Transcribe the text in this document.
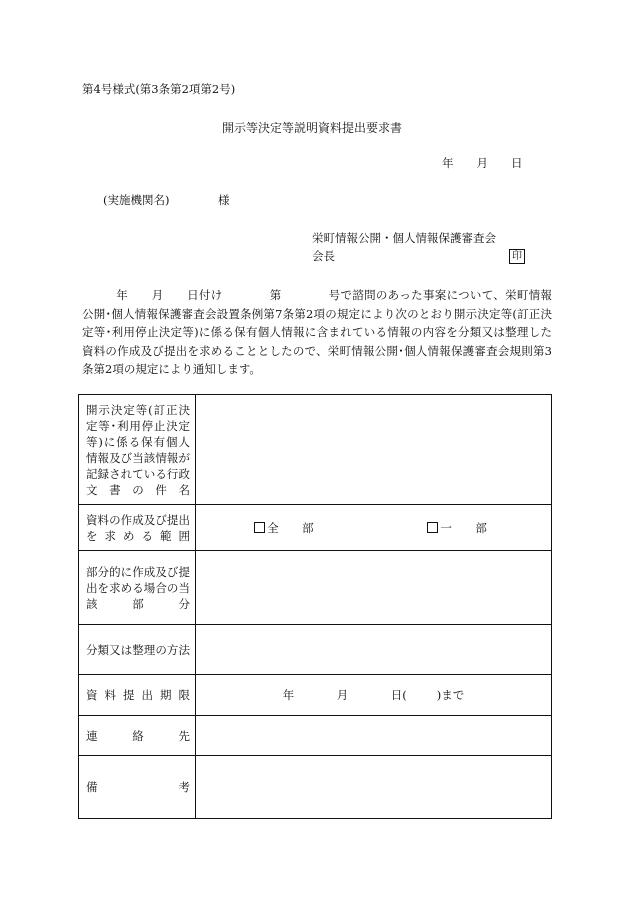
第4号様式(第3条第2項第2号)
開示等決定等説明資料提出要求書
年　　月　　日
(実施機関名)	様
栄町情報公開・個人情報保護審査会
会長	印
年　　月　　日付け　　　　第　　　　号で諮問のあった事案について、栄町情報公開･個人情報保護審査会設置条例第7条第2項の規定により次のとおり開示決定等(訂正決定等･利用停止決定等)に係る保有個人情報に含まれている情報の内容を分類又は整理した資料の作成及び提出を求めることとしたので、栄町情報公開･個人情報保護審査会規則第3条第2項の規定により通知します。
開示決定等(訂正決定等･利用停止決定等)に係る保有個人情報及び当該情報が記録されている行政文書の件名	
資料の作成及び提出を求める範囲	全　部 一　部
部分的に作成及び提出を求める場合の当該部分	
分類又は整理の方法	
資料提出期限	年 月 日( )まで
連絡先	
備考	
